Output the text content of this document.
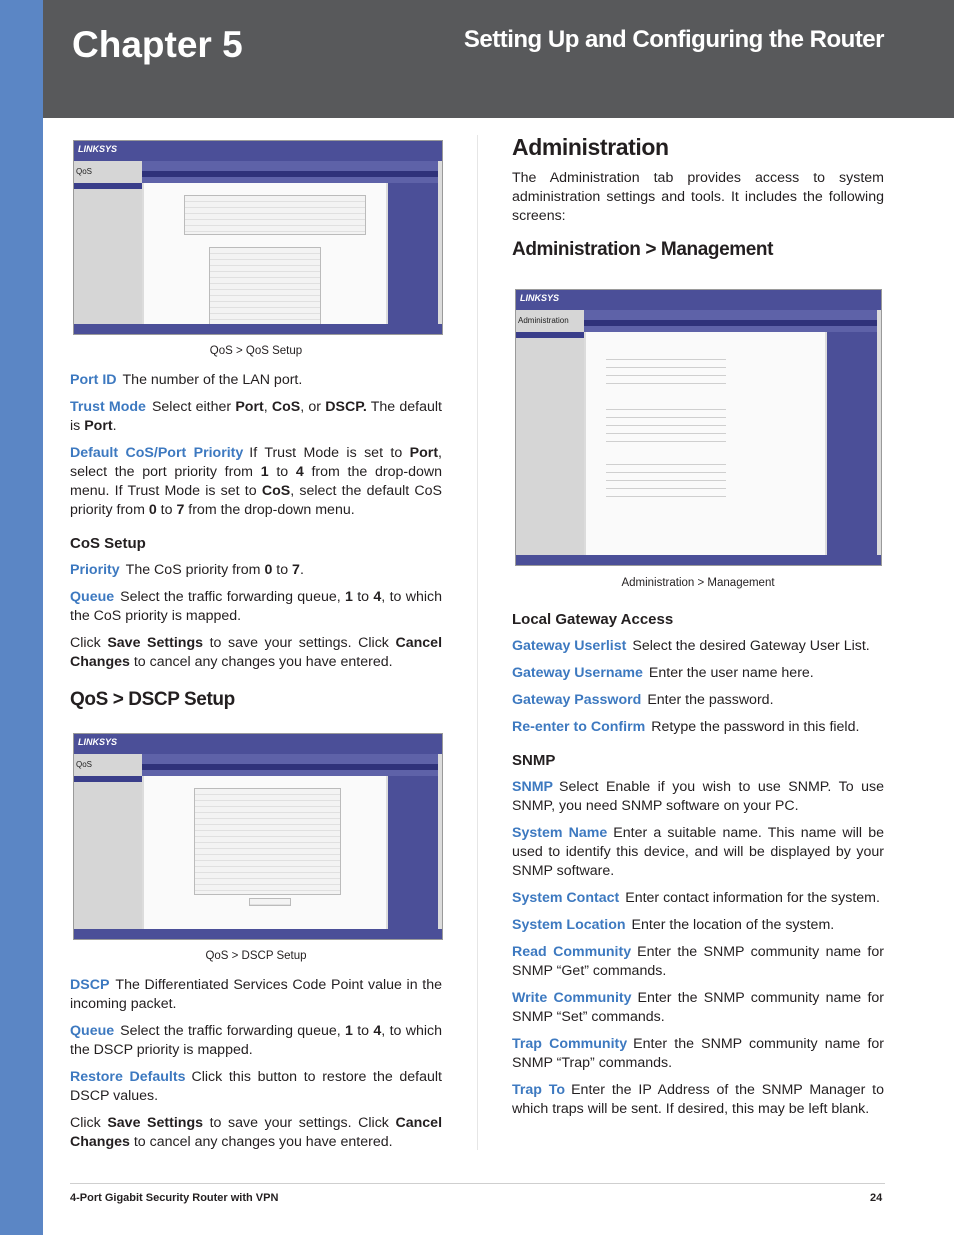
Chapter 5	Setting Up and Configuring the Router
LINKSYS
QoS

QoS > QoS Setup

Port ID The number of the LAN port.

Trust Mode Select either Port, CoS, or DSCP. The default is Port.

Default CoS/Port Priority If Trust Mode is set to Port, select the port priority from 1 to 4 from the drop-down menu. If Trust Mode is set to CoS, select the default CoS priority from 0 to 7 from the drop-down menu.

CoS Setup

Priority The CoS priority from 0 to 7.

Queue Select the traffic forwarding queue, 1 to 4, to which the CoS priority is mapped.

Click Save Settings to save your settings. Click Cancel Changes to cancel any changes you have entered.

QoS > DSCP Setup
LINKSYS
QoS

QoS > DSCP Setup

DSCP The Differentiated Services Code Point value in the incoming packet.

Queue Select the traffic forwarding queue, 1 to 4, to which the DSCP priority is mapped.

Restore Defaults Click this button to restore the default DSCP values.

Click Save Settings to save your settings. Click Cancel Changes to cancel any changes you have entered.

Administration

The Administration tab provides access to system administration settings and tools. It includes the following screens:

Administration > Management
LINKSYS
Administration

Administration > Management

Local Gateway Access

Gateway Userlist Select the desired Gateway User List.

Gateway Username Enter the user name here.

Gateway Password Enter the password.

Re-enter to Confirm Retype the password in this field.

SNMP

SNMP Select Enable if you wish to use SNMP. To use SNMP, you need SNMP software on your PC.

System Name Enter a suitable name. This name will be used to identify this device, and will be displayed by your SNMP software.

System Contact Enter contact information for the system.

System Location Enter the location of the system.

Read Community Enter the SNMP community name for SNMP “Get” commands.

Write Community Enter the SNMP community name for SNMP “Set” commands.

Trap Community Enter the SNMP community name for SNMP “Trap” commands.

Trap To Enter the IP Address of the SNMP Manager to which traps will be sent. If desired, this may be left blank.

4-Port Gigabit Security Router with VPN	24
